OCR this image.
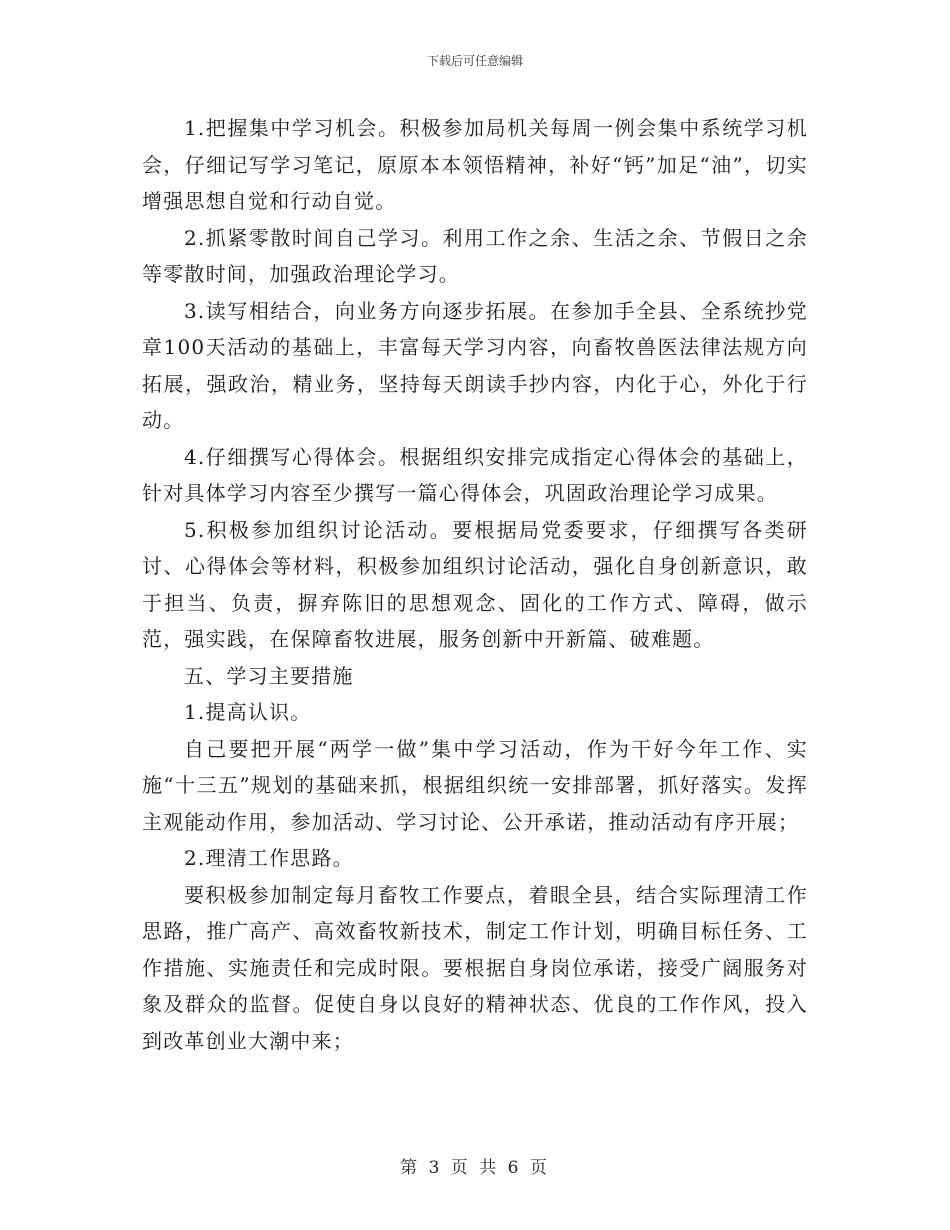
下载后可任意编辑

1.把握集中学习机会。积极参加局机关每周一例会集中系统学习机会，仔细记写学习笔记，原原本本领悟精神，补好“钙”加足“油”，切实增强思想自觉和行动自觉。

2.抓紧零散时间自己学习。利用工作之余、生活之余、节假日之余等零散时间，加强政治理论学习。

3.读写相结合，向业务方向逐步拓展。在参加手全县、全系统抄党章100天活动的基础上，丰富每天学习内容，向畜牧兽医法律法规方向拓展，强政治，精业务，坚持每天朗读手抄内容，内化于心，外化于行动。

4.仔细撰写心得体会。根据组织安排完成指定心得体会的基础上，针对具体学习内容至少撰写一篇心得体会，巩固政治理论学习成果。

5.积极参加组织讨论活动。要根据局党委要求，仔细撰写各类研讨、心得体会等材料，积极参加组织讨论活动，强化自身创新意识，敢于担当、负责，摒弃陈旧的思想观念、固化的工作方式、障碍，做示范，强实践，在保障畜牧进展，服务创新中开新篇、破难题。

五、学习主要措施

1.提高认识。

自己要把开展“两学一做”集中学习活动，作为干好今年工作、实施“十三五”规划的基础来抓，根据组织统一安排部署，抓好落实。发挥主观能动作用，参加活动、学习讨论、公开承诺，推动活动有序开展；

2.理清工作思路。

要积极参加制定每月畜牧工作要点，着眼全县，结合实际理清工作思路，推广高产、高效畜牧新技术，制定工作计划，明确目标任务、工作措施、实施责任和完成时限。要根据自身岗位承诺，接受广阔服务对象及群众的监督。促使自身以良好的精神状态、优良的工作作风，投入到改革创业大潮中来；

第 3 页 共 6 页
